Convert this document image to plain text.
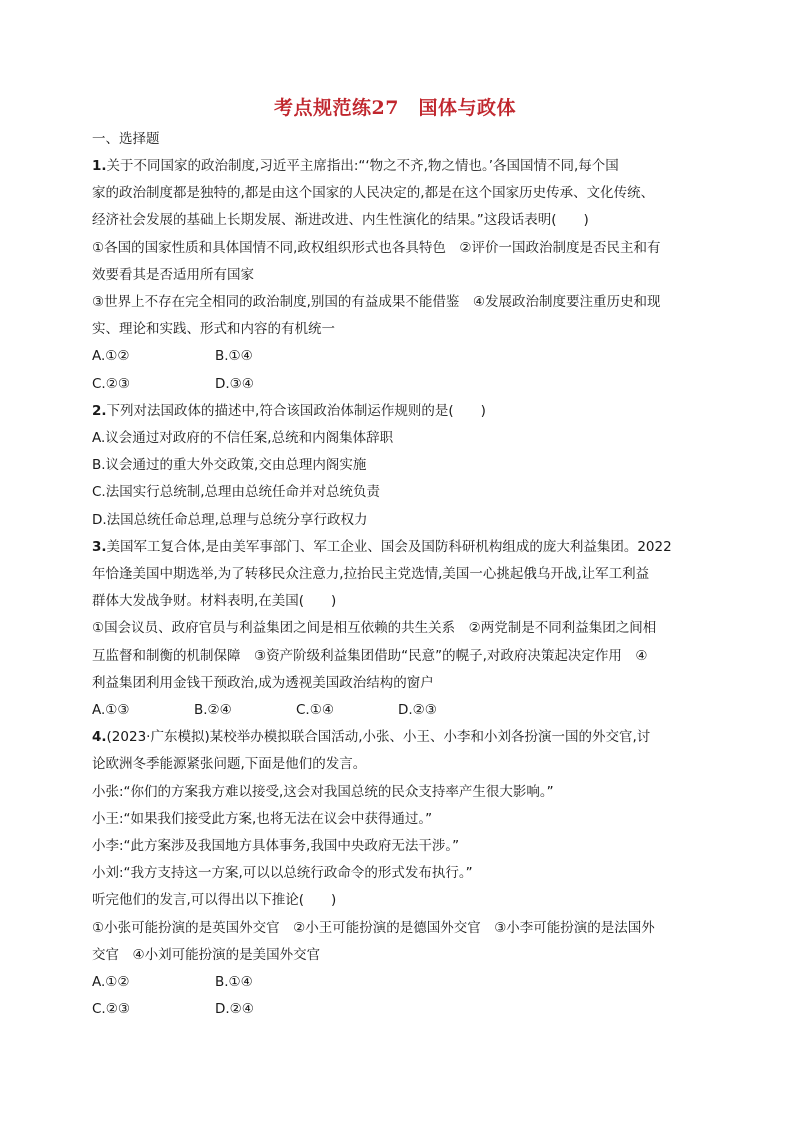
考点规范练27　国体与政体
一、选择题
1.关于不同国家的政治制度,习近平主席指出:“‘物之不齐,物之情也。’各国国情不同,每个国
家的政治制度都是独特的,都是由这个国家的人民决定的,都是在这个国家历史传承、文化传统、
经济社会发展的基础上长期发展、渐进改进、内生性演化的结果。”这段话表明(　　)
①各国的国家性质和具体国情不同,政权组织形式也各具特色　②评价一国政治制度是否民主和有
效要看其是否适用所有国家
③世界上不存在完全相同的政治制度,别国的有益成果不能借鉴　④发展政治制度要注重历史和现
实、理论和实践、形式和内容的有机统一
A.①②	B.①④
C.②③	D.③④
2.下列对法国政体的描述中,符合该国政治体制运作规则的是(　　)
A.议会通过对政府的不信任案,总统和内阁集体辞职
B.议会通过的重大外交政策,交由总理内阁实施
C.法国实行总统制,总理由总统任命并对总统负责
D.法国总统任命总理,总理与总统分享行政权力
3.美国军工复合体,是由美军事部门、军工企业、国会及国防科研机构组成的庞大利益集团。2022
年恰逢美国中期选举,为了转移民众注意力,拉抬民主党选情,美国一心挑起俄乌开战,让军工利益
群体大发战争财。材料表明,在美国(　　)
①国会议员、政府官员与利益集团之间是相互依赖的共生关系　②两党制是不同利益集团之间相
互监督和制衡的机制保障　③资产阶级利益集团借助“民意”的幌子,对政府决策起决定作用　④
利益集团利用金钱干预政治,成为透视美国政治结构的窗户
A.①③	B.②④	C.①④	D.②③
4.(2023·广东模拟)某校举办模拟联合国活动,小张、小王、小李和小刘各扮演一国的外交官,讨
论欧洲冬季能源紧张问题,下面是他们的发言。
小张:“你们的方案我方难以接受,这会对我国总统的民众支持率产生很大影响。”
小王:“如果我们接受此方案,也将无法在议会中获得通过。”
小李:“此方案涉及我国地方具体事务,我国中央政府无法干涉。”
小刘:“我方支持这一方案,可以以总统行政命令的形式发布执行。”
听完他们的发言,可以得出以下推论(　　)
①小张可能扮演的是英国外交官　②小王可能扮演的是德国外交官　③小李可能扮演的是法国外
交官　④小刘可能扮演的是美国外交官
A.①②	B.①④
C.②③	D.②④
